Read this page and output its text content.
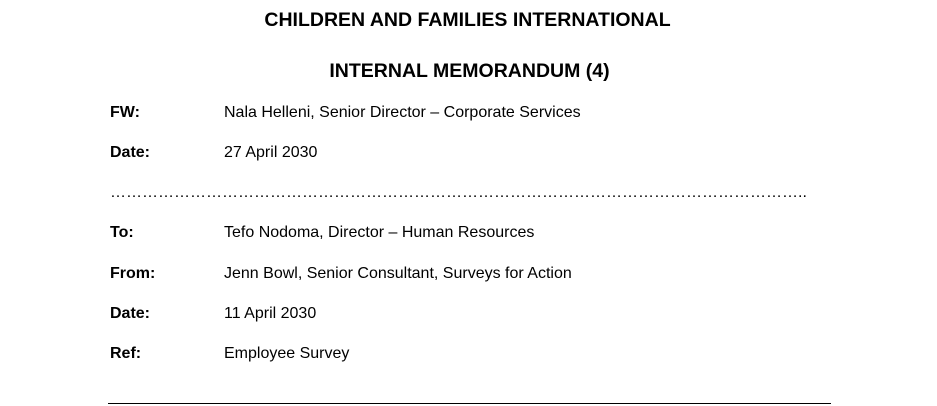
CHILDREN AND FAMILIES INTERNATIONAL
INTERNAL MEMORANDUM (4)
FW:	Nala Helleni, Senior Director – Corporate Services
Date:	27 April 2030
…………………………………………………………………………………………………………………..
To:	Tefo Nodoma, Director – Human Resources
From:	Jenn Bowl, Senior Consultant, Surveys for Action
Date:	11 April 2030
Ref:	Employee Survey
